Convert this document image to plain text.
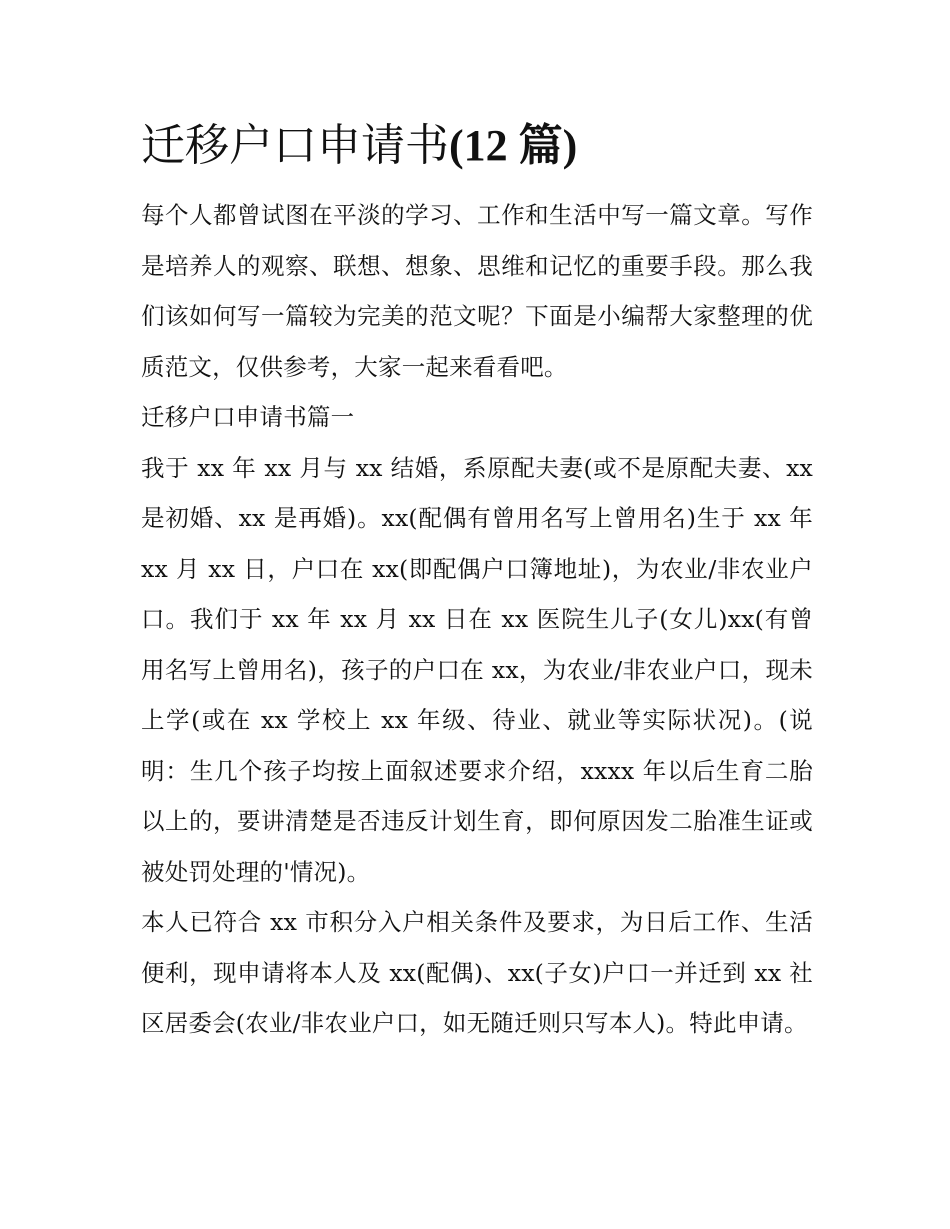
迁移户口申请书(12 篇)

每个人都曾试图在平淡的学习、工作和生活中写一篇文章。写作是培养人的观察、联想、想象、思维和记忆的重要手段。那么我们该如何写一篇较为完美的范文呢？下面是小编帮大家整理的优质范文，仅供参考，大家一起来看看吧。

迁移户口申请书篇一

我于 xx 年 xx 月与 xx 结婚，系原配夫妻(或不是原配夫妻、xx 是初婚、xx 是再婚)。xx(配偶有曾用名写上曾用名)生于 xx 年 xx 月 xx 日，户口在 xx(即配偶户口簿地址)，为农业/非农业户口。我们于 xx 年 xx 月 xx 日在 xx 医院生儿子(女儿)xx(有曾用名写上曾用名)，孩子的户口在 xx，为农业/非农业户口，现未上学(或在 xx 学校上 xx 年级、待业、就业等实际状况)。(说明：生几个孩子均按上面叙述要求介绍，xxxx 年以后生育二胎以上的，要讲清楚是否违反计划生育，即何原因发二胎准生证或被处罚处理的'情况)。

本人已符合 xx 市积分入户相关条件及要求，为日后工作、生活便利，现申请将本人及 xx(配偶)、xx(子女)户口一并迁到 xx 社区居委会(农业/非农业户口，如无随迁则只写本人)。特此申请。
